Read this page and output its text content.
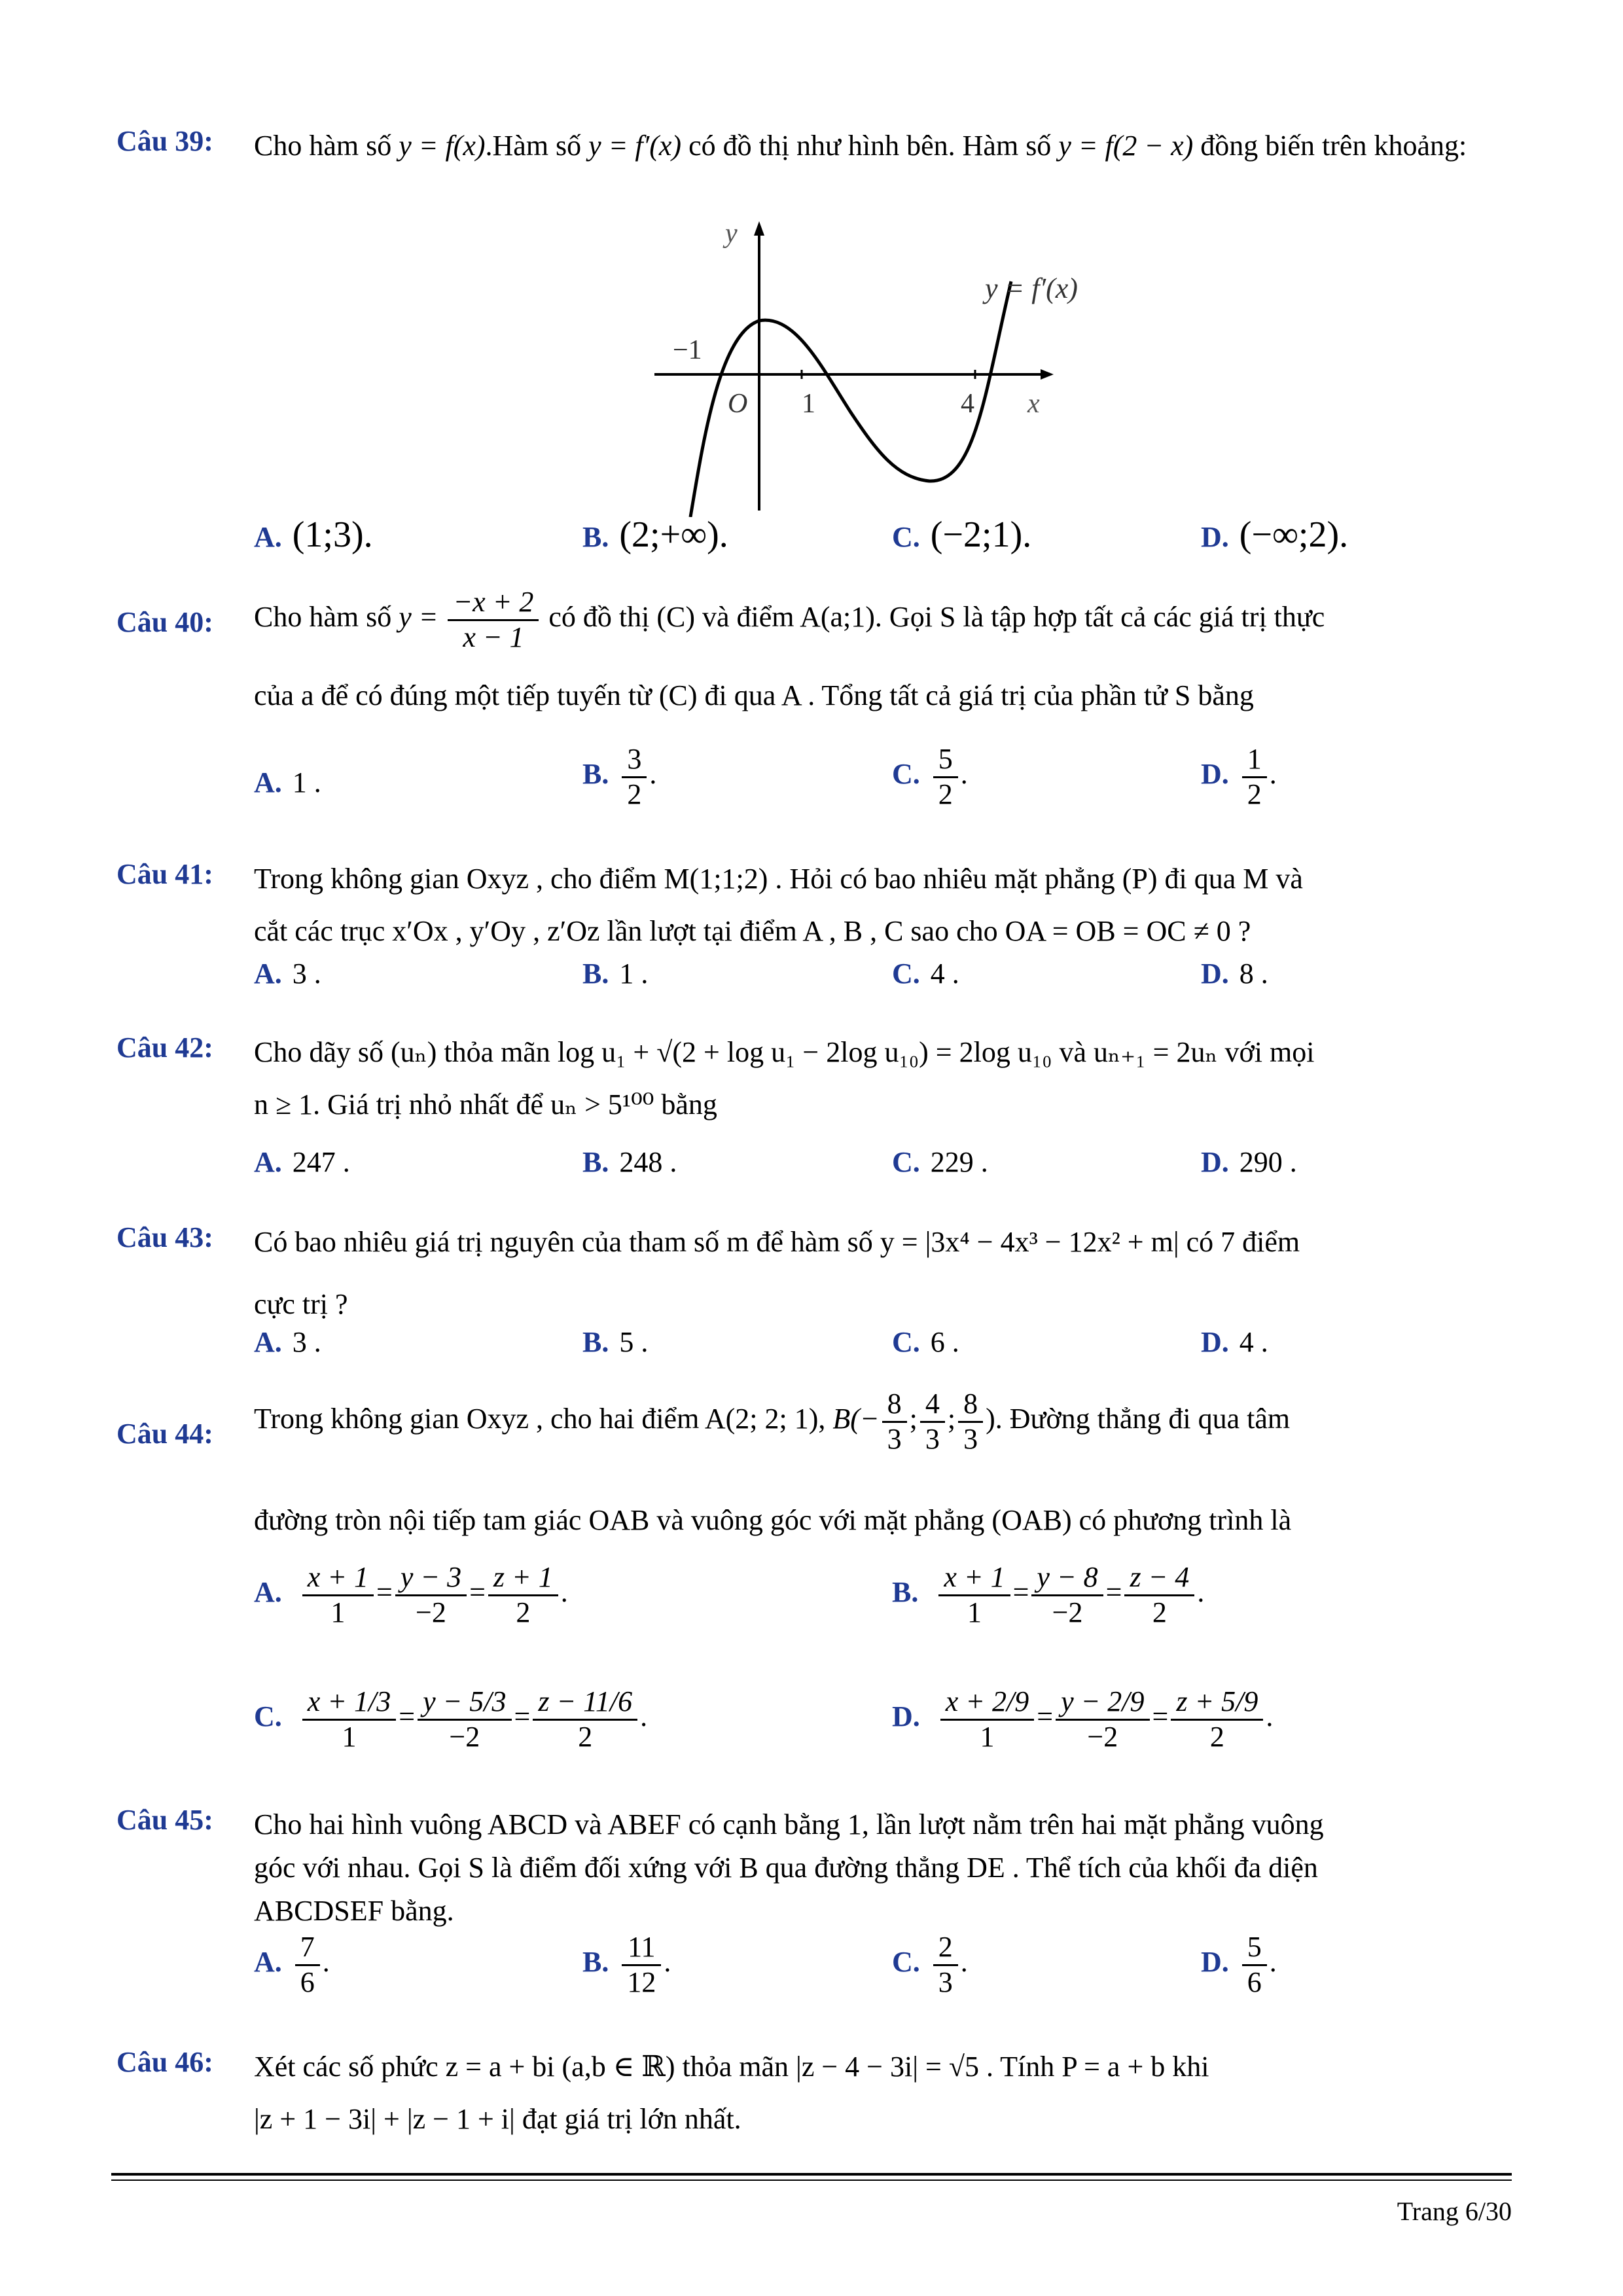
Câu 39: Cho hàm số y = f(x).Hàm số y = f′(x) có đồ thị như hình bên. Hàm số y = f(2 − x) đồng biến trên khoảng:
y
x
O 1	4
−1
y = f′(x)
A. (1;3).	B. (2;+∞).	C. (−2;1).	D. (−∞;2).
Câu 40: Cho hàm số $y = \frac{-x + 2}{x - 1}$ có đồ thị (C) và điểm A(a;1). Gọi S là tập hợp tất cả các giá trị thực
của a để có đúng một tiếp tuyến từ (C) đi qua A . Tổng tất cả giá trị của phần tử S bằng
A. 1 .	B. $\frac{3}{2}$ .	C. $\frac{5}{2}$ .	D. $\frac{1}{2}$ .
Câu 41: Trong không gian Oxyz , cho điểm M(1;1;2) . Hỏi có bao nhiêu mặt phẳng (P) đi qua M và
cắt các trục x′Ox , y′Oy , z′Oz lần lượt tại điểm A , B , C sao cho OA = OB = OC ≠ 0 ?
A. 3 .	B. 1 .	C. 4 .	D. 8 .
Câu 42: Cho dãy số (uₙ) thỏa mãn log u₁ + √(2 + log u₁ − 2log u₁₀) = 2log u₁₀ và uₙ₊₁ = 2uₙ với mọi
n ≥ 1. Giá trị nhỏ nhất để uₙ > 5¹⁰⁰ bằng
A. 247 .	B. 248 .	C. 229 .	D. 290 .
Câu 43: Có bao nhiêu giá trị nguyên của tham số m để hàm số y = |3x⁴ − 4x³ − 12x² + m| có 7 điểm
cực trị ?
A. 3 .	B. 5 .	C. 6 .	D. 4 .
Câu 44: Trong không gian Oxyz , cho hai điểm A(2; 2; 1), $B(- \frac{8}{3}$ ; $\frac{4}{3}$ ; $\frac{8}{3}$ ). Đường thẳng đi qua tâm
đường tròn nội tiếp tam giác OAB và vuông góc với mặt phẳng (OAB) có phương trình là
A. $\frac{x + 1}{1} = \frac{y - 3}{-2} = \frac{z + 1}{2}$ .	B. $\frac{x + 1}{1} = \frac{y - 8}{-2} = \frac{z - 4}{2}$ .
C. $\frac{x + 1/3}{1} = \frac{y - 5/3}{-2} = \frac{z - 11/6}{2}$ .	D. $\frac{x + 2/9}{1} = \frac{y - 2/9}{-2} = \frac{z + 5/9}{2}$ .
Câu 45: Cho hai hình vuông ABCD và ABEF có cạnh bằng 1, lần lượt nằm trên hai mặt phẳng vuông
góc với nhau. Gọi S là điểm đối xứng với B qua đường thẳng DE . Thể tích của khối đa diện
ABCDSEF bằng.
A. $\frac{7}{6}$ .	B. $\frac{11}{12}$ .	C. $\frac{2}{3}$ .	D. $\frac{5}{6}$ .
Câu 46: Xét các số phức z = a + bi (a,b ∈ ℝ) thỏa mãn |z − 4 − 3i| = √5 . Tính P = a + b khi
|z + 1 − 3i| + |z − 1 + i| đạt giá trị lớn nhất.
Trang 6/30
